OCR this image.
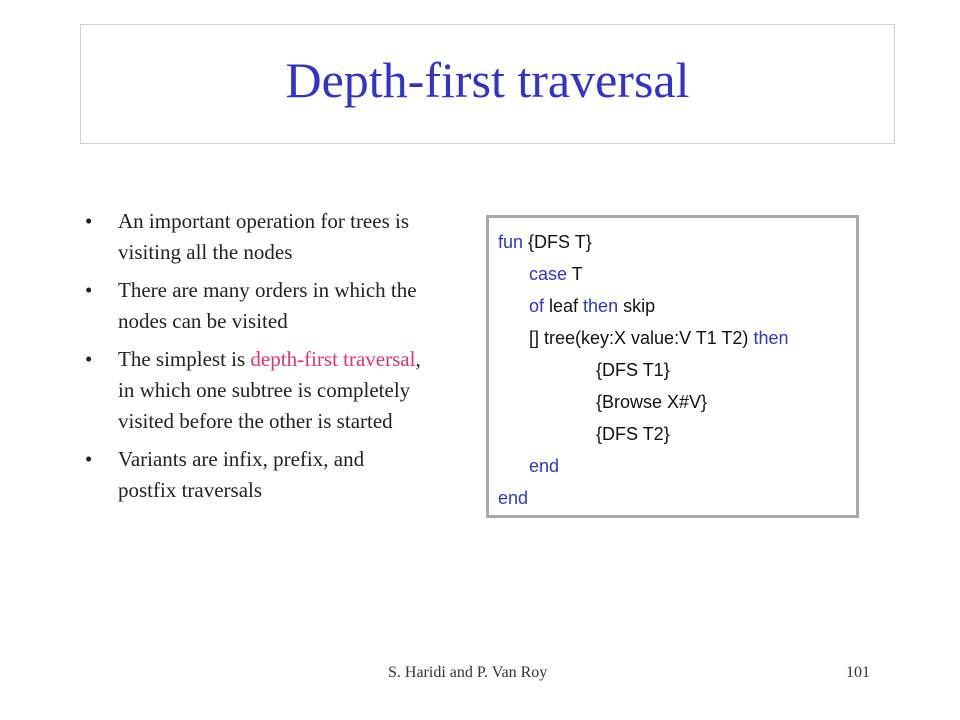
Depth-first traversal
•	An important operation for trees is visiting all the nodes
•	There are many orders in which the nodes can be visited
•	The simplest is depth-first traversal, in which one subtree is completely visited before the other is started
•	Variants are infix, prefix, and postfix traversals
fun {DFS T}
case T
of leaf then skip
[] tree(key:X value:V T1 T2) then
{DFS T1}
{Browse X#V}
{DFS T2}
end
end
S. Haridi and P. Van Roy	101
